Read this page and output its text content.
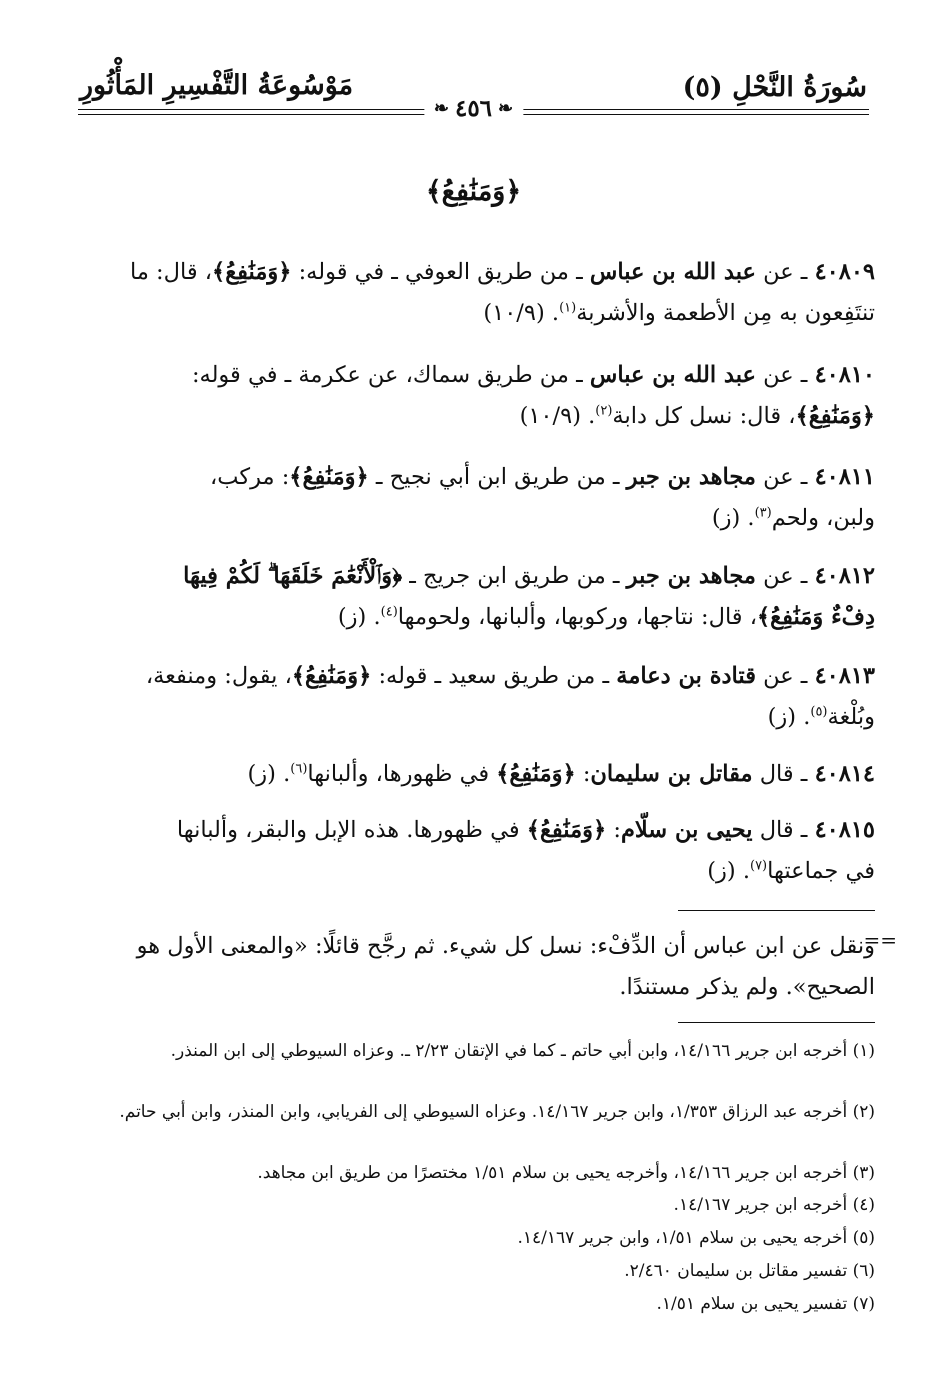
سُورَةُ النَّحْلِ (٥)
مَوْسُوعَةُ التَّفْسِيرِ المَأْثُورِ
❧
٤٥٦
❧
﴿وَمَنَٰفِعُ﴾
٤٠٨٠٩ ـ عن عبد الله بن عباس ـ من طريق العوفي ـ في قوله: ﴿وَمَنَٰفِعُ﴾، قال: ما
تنتَفِعون به مِن الأطعمة والأشربة$^{(١)}$. (١٠/٩)
٤٠٨١٠ ـ عن عبد الله بن عباس ـ من طريق سماك، عن عكرمة ـ في قوله:
﴿وَمَنَٰفِعُ﴾، قال: نسل كل دابة$^{(٢)}$. (١٠/٩)
٤٠٨١١ ـ عن مجاهد بن جبر ـ من طريق ابن أبي نجيح ـ ﴿وَمَنَٰفِعُ﴾: مركب،
ولبن، ولحم$^{(٣)}$. (ز)
٤٠٨١٢ ـ عن مجاهد بن جبر ـ من طريق ابن جريج ـ ﴿وَٱلْأَنْعَٰمَ خَلَقَهَا ۗ لَكُمْ فِيهَا
دِفْءٌ وَمَنَٰفِعُ﴾، قال: نتاجها، وركوبها، وألبانها، ولحومها$^{(٤)}$. (ز)
٤٠٨١٣ ـ عن قتادة بن دعامة ـ من طريق سعيد ـ قوله: ﴿وَمَنَٰفِعُ﴾، يقول: ومنفعة،
وبُلْغة$^{(٥)}$. (ز)
٤٠٨١٤ ـ قال مقاتل بن سليمان: ﴿وَمَنَٰفِعُ﴾ في ظهورها، وألبانها$^{(٦)}$. (ز)
٤٠٨١٥ ـ قال يحيى بن سلّام: ﴿وَمَنَٰفِعُ﴾ في ظهورها. هذه الإبل والبقر، وألبانها
في جماعتها$^{(٧)}$. (ز)
==
ونقل عن ابن عباس أن الدِّفْء: نسل كل شيء. ثم رجَّح قائلًا: «والمعنى الأول هو
الصحيح». ولم يذكر مستندًا.
(١) أخرجه ابن جرير ١٤/١٦٦، وابن أبي حاتم ـ كما في الإتقان ٢/٢٣ ـ. وعزاه السيوطي إلى ابن المنذر.
(٢) أخرجه عبد الرزاق ١/٣٥٣، وابن جرير ١٤/١٦٧. وعزاه السيوطي إلى الفريابي، وابن المنذر، وابن أبي حاتم.
(٣) أخرجه ابن جرير ١٤/١٦٦، وأخرجه يحيى بن سلام ١/٥١ مختصرًا من طريق ابن مجاهد.
(٤) أخرجه ابن جرير ١٤/١٦٧.
(٥) أخرجه يحيى بن سلام ١/٥١، وابن جرير ١٤/١٦٧.
(٦) تفسير مقاتل بن سليمان ٢/٤٦٠.
(٧) تفسير يحيى بن سلام ١/٥١.
